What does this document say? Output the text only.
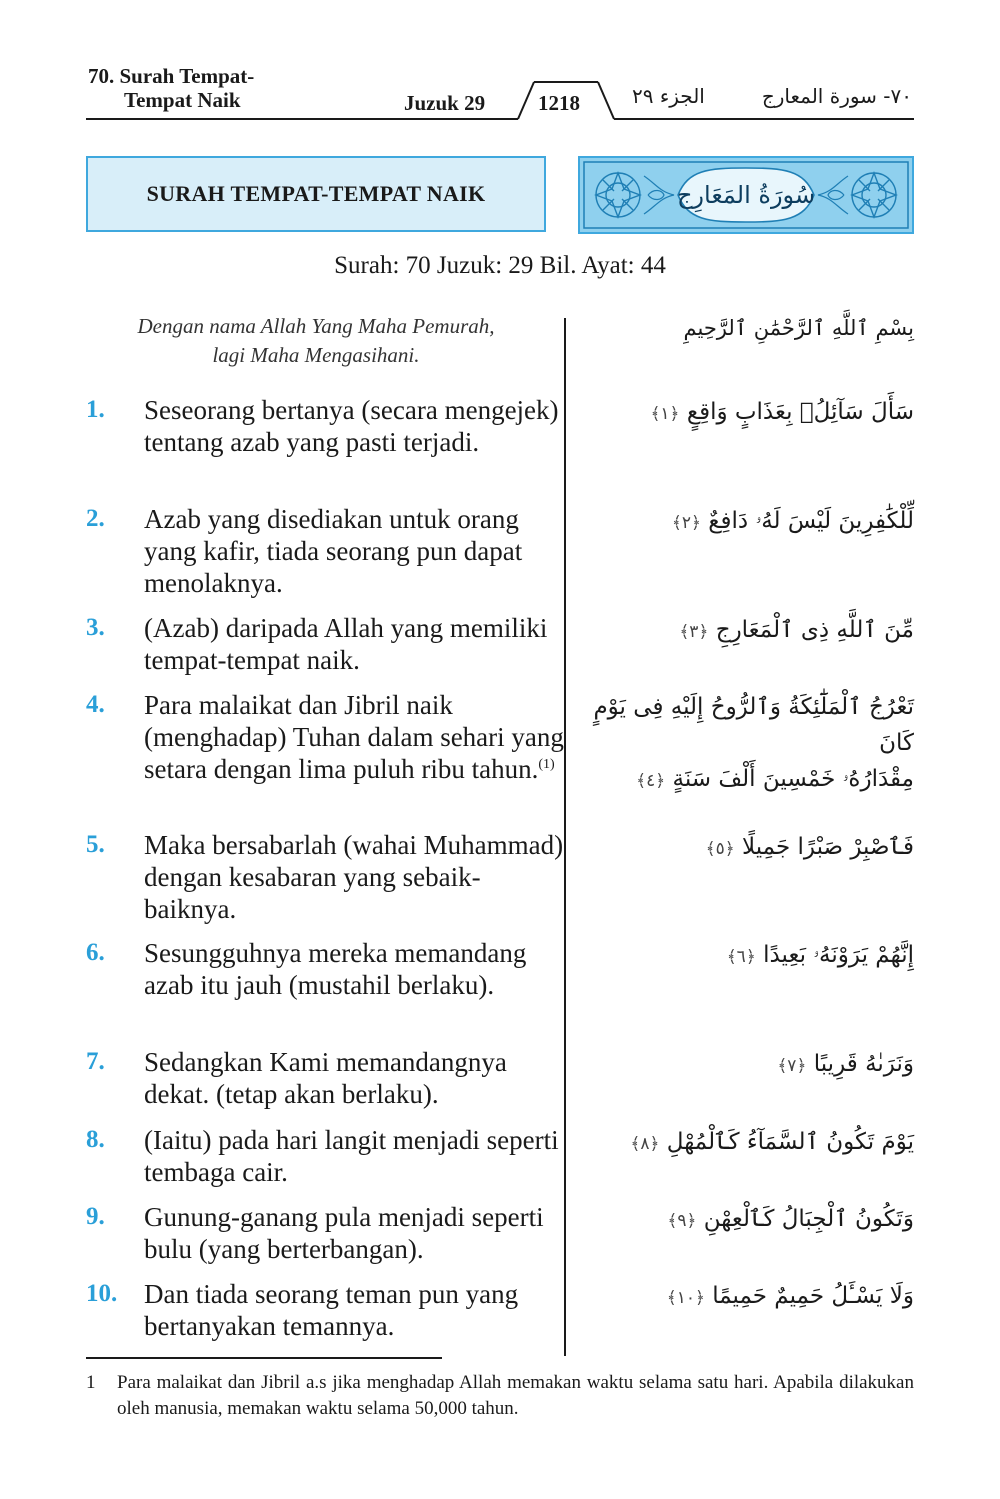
70. Surah Tempat-
Tempat Naik	Juzuk 29	1218	الجزء ٢٩	٧٠- سورة المعارج
SURAH TEMPAT-TEMPAT NAIK	سُورَةُ المَعَارِج
Surah: 70 Juzuk: 29 Bil. Ayat: 44
Dengan nama Allah Yang Maha Pemurah,
lagi Maha Mengasihani.
بِسْمِ ٱللَّهِ ٱلرَّحْمَٰنِ ٱلرَّحِيمِ
1. Seseorang bertanya (secara mengejek) tentang azab yang pasti terjadi.
سَأَلَ سَآئِلُۢ بِعَذَابٍ وَاقِعٍ ﴿١﴾
2. Azab yang disediakan untuk orang yang kafir, tiada seorang pun dapat menolaknya.
لِّلْكَٰفِرِينَ لَيْسَ لَهُۥ دَافِعٌ ﴿٢﴾
3. (Azab) daripada Allah yang memiliki tempat-tempat naik.
مِّنَ ٱللَّهِ ذِى ٱلْمَعَارِجِ ﴿٣﴾
4. Para malaikat dan Jibril naik (menghadap) Tuhan dalam sehari yang setara dengan lima puluh ribu tahun.$^{(1)}$
تَعْرُجُ ٱلْمَلَٰٓئِكَةُ وَٱلرُّوحُ إِلَيْهِ فِى يَوْمٍ كَانَ
مِقْدَارُهُۥ خَمْسِينَ أَلْفَ سَنَةٍ ﴿٤﴾
5. Maka bersabarlah (wahai Muhammad) dengan kesabaran yang sebaik-baiknya.
فَٱصْبِرْ صَبْرًا جَمِيلًا ﴿٥﴾
6. Sesungguhnya mereka memandang azab itu jauh (mustahil berlaku).
إِنَّهُمْ يَرَوْنَهُۥ بَعِيدًا ﴿٦﴾
7. Sedangkan Kami memandangnya dekat. (tetap akan berlaku).
وَنَرَىٰهُ قَرِيبًا ﴿٧﴾
8. (Iaitu) pada hari langit menjadi seperti tembaga cair.
يَوْمَ تَكُونُ ٱلسَّمَآءُ كَٱلْمُهْلِ ﴿٨﴾
9. Gunung-ganang pula menjadi seperti bulu (yang berterbangan).
وَتَكُونُ ٱلْجِبَالُ كَٱلْعِهْنِ ﴿٩﴾
10. Dan tiada seorang teman pun yang bertanyakan temannya.
وَلَا يَسْـَٔلُ حَمِيمٌ حَمِيمًا ﴿١٠﴾
1	Para malaikat dan Jibril a.s jika menghadap Allah memakan waktu selama satu hari. Apabila dilakukan oleh manusia, memakan waktu selama 50,000 tahun.
